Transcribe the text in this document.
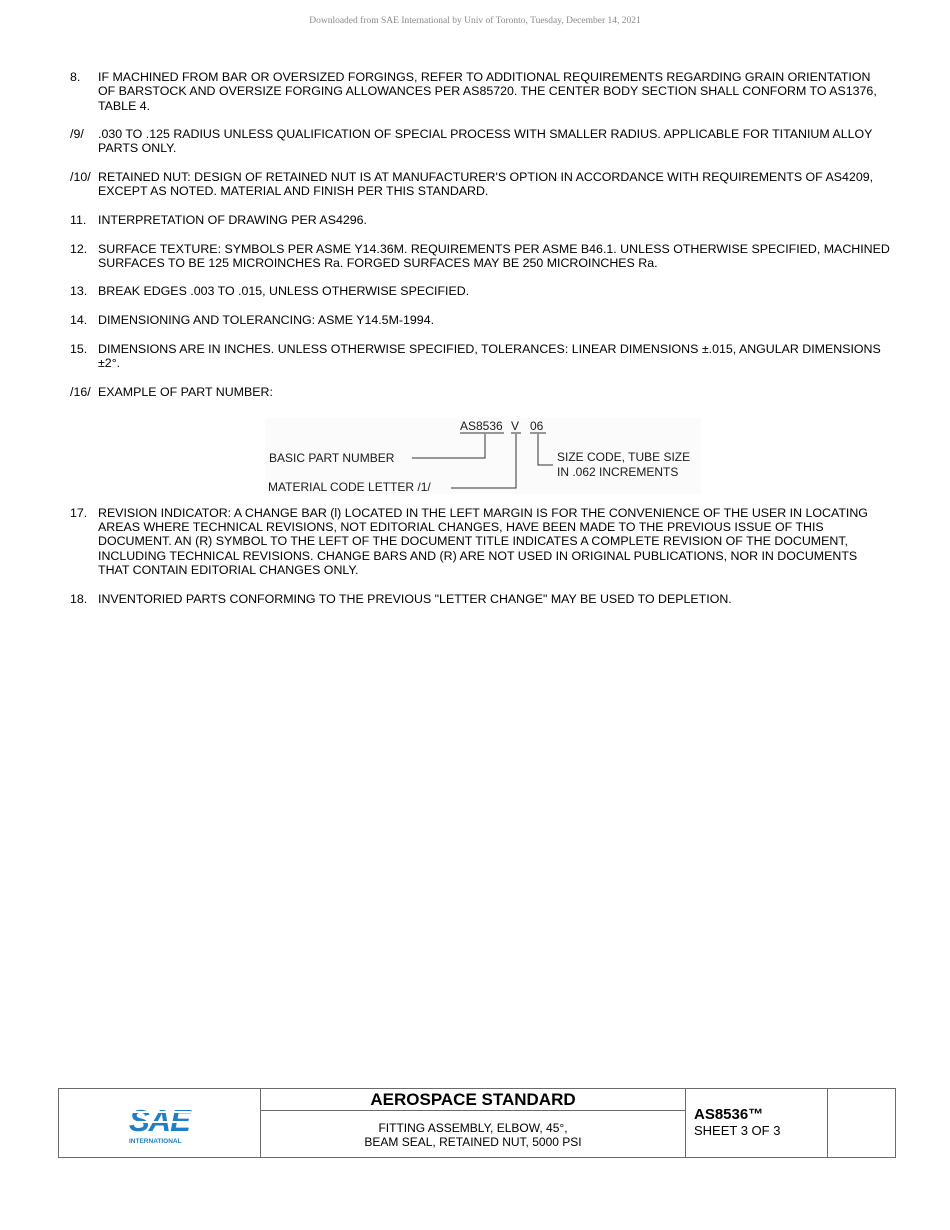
Downloaded from SAE International by Univ of Toronto, Tuesday, December 14, 2021
8.	IF MACHINED FROM BAR OR OVERSIZED FORGINGS, REFER TO ADDITIONAL REQUIREMENTS REGARDING GRAIN ORIENTATION OF BARSTOCK AND OVERSIZE FORGING ALLOWANCES PER AS85720. THE CENTER BODY SECTION SHALL CONFORM TO AS1376, TABLE 4.
/9/	.030 TO .125 RADIUS UNLESS QUALIFICATION OF SPECIAL PROCESS WITH SMALLER RADIUS. APPLICABLE FOR TITANIUM ALLOY PARTS ONLY.
/10/ RETAINED NUT: DESIGN OF RETAINED NUT IS AT MANUFACTURER'S OPTION IN ACCORDANCE WITH REQUIREMENTS OF AS4209, EXCEPT AS NOTED. MATERIAL AND FINISH PER THIS STANDARD.
11. INTERPRETATION OF DRAWING PER AS4296.
12. SURFACE TEXTURE: SYMBOLS PER ASME Y14.36M. REQUIREMENTS PER ASME B46.1. UNLESS OTHERWISE SPECIFIED, MACHINED SURFACES TO BE 125 MICROINCHES Ra. FORGED SURFACES MAY BE 250 MICROINCHES Ra.
13. BREAK EDGES .003 TO .015, UNLESS OTHERWISE SPECIFIED.
14. DIMENSIONING AND TOLERANCING: ASME Y14.5M-1994.
15. DIMENSIONS ARE IN INCHES. UNLESS OTHERWISE SPECIFIED, TOLERANCES: LINEAR DIMENSIONS ±.015, ANGULAR DIMENSIONS ±2°.
/16/ EXAMPLE OF PART NUMBER:
17. REVISION INDICATOR: A CHANGE BAR (l) LOCATED IN THE LEFT MARGIN IS FOR THE CONVENIENCE OF THE USER IN LOCATING AREAS WHERE TECHNICAL REVISIONS, NOT EDITORIAL CHANGES, HAVE BEEN MADE TO THE PREVIOUS ISSUE OF THIS DOCUMENT. AN (R) SYMBOL TO THE LEFT OF THE DOCUMENT TITLE INDICATES A COMPLETE REVISION OF THE DOCUMENT, INCLUDING TECHNICAL REVISIONS. CHANGE BARS AND (R) ARE NOT USED IN ORIGINAL PUBLICATIONS, NOR IN DOCUMENTS THAT CONTAIN EDITORIAL CHANGES ONLY.
18. INVENTORIED PARTS CONFORMING TO THE PREVIOUS "LETTER CHANGE" MAY BE USED TO DEPLETION.
AS8536 V 06
BASIC PART NUMBER	SIZE CODE, TUBE SIZE
IN .062 INCREMENTS
MATERIAL CODE LETTER /1/
SAE
INTERNATIONAL
AEROSPACE STANDARD
FITTING ASSEMBLY, ELBOW, 45°,
BEAM SEAL, RETAINED NUT, 5000 PSI
AS8536™
SHEET 3 OF 3
